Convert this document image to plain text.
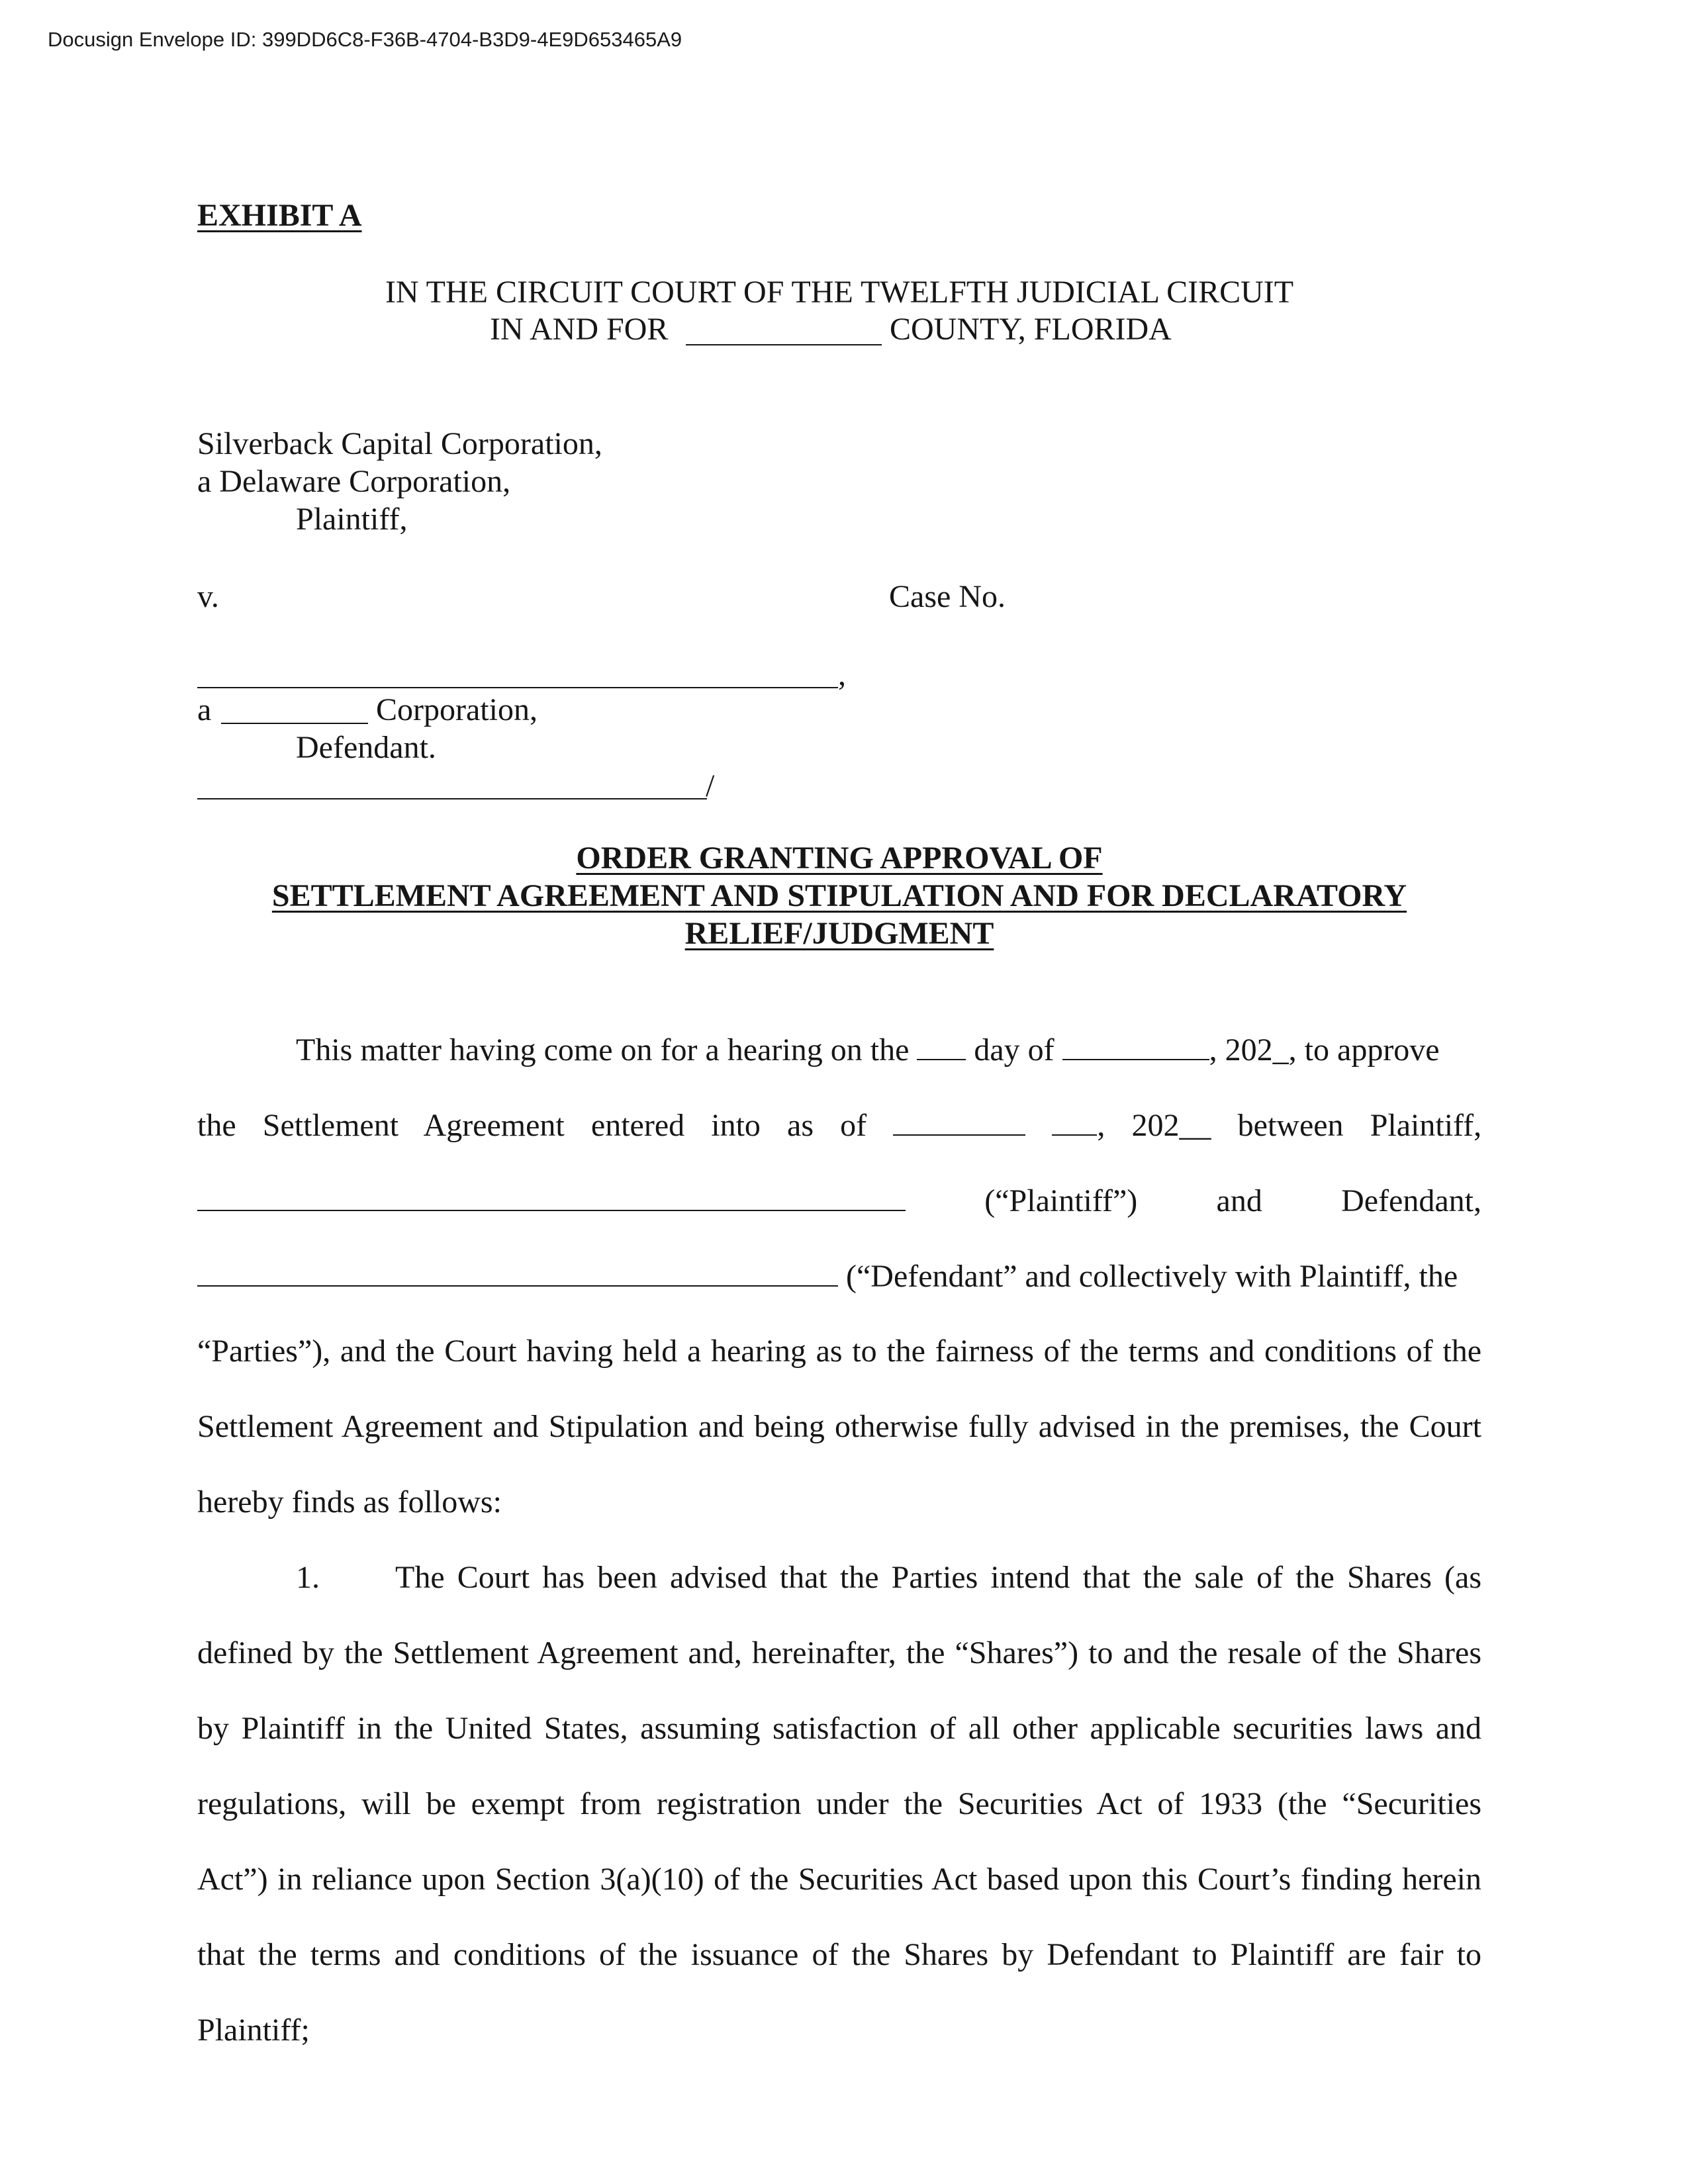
Docusign Envelope ID: 399DD6C8-F36B-4704-B3D9-4E9D653465A9
EXHIBIT A
IN THE CIRCUIT COURT OF THE TWELFTH JUDICIAL CIRCUIT
IN AND FOR	COUNTY, FLORIDA
Silverback Capital Corporation,
a Delaware Corporation,
Plaintiff,
v.	Case No.
,
a	Corporation,
Defendant.
/
ORDER GRANTING APPROVAL OF
SETTLEMENT AGREEMENT AND STIPULATION AND FOR DECLARATORY
RELIEF/JUDGMENT
This matter having come on for a hearing on the day of	, 202_, to approve
the Settlement Agreement entered into as of	, 202__ between Plaintiff,
(“Plaintiff”) and Defendant,
(“Defendant” and collectively with Plaintiff, the
“Parties”), and the Court having held a hearing as to the fairness of the terms and conditions of the
Settlement Agreement and Stipulation and being otherwise fully advised in the premises, the Court
hereby finds as follows:
1. The Court has been advised that the Parties intend that the sale of the Shares (as
defined by the Settlement Agreement and, hereinafter, the “Shares”) to and the resale of the Shares
by Plaintiff in the United States, assuming satisfaction of all other applicable securities laws and
regulations, will be exempt from registration under the Securities Act of 1933 (the “Securities
Act”) in reliance upon Section 3(a)(10) of the Securities Act based upon this Court’s finding herein
that the terms and conditions of the issuance of the Shares by Defendant to Plaintiff are fair to
Plaintiff;
